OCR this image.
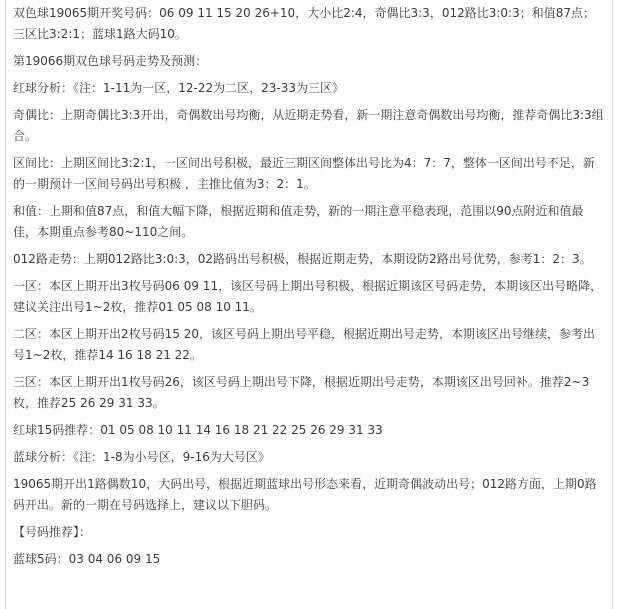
双色球19065期开奖号码：06 09 11 15 20 26+10，大小比2:4，奇偶比3:3，012路比3:0:3；和值87点；三区比3:2:1；蓝球1路大码10。

第19066期双色球号码走势及预测：

红球分析：《注：1-11为一区，12-22为二区，23-33为三区》

奇偶比：上期奇偶比3:3开出，奇偶数出号均衡，从近期走势看，新一期注意奇偶数出号均衡，推荐奇偶比3:3组合。

区间比：上期区间比3:2:1，一区间出号积极，最近三期区间整体出号比为4：7：7，整体一区间出号不足，新的一期预计一区间号码出号积极 ，主推比值为3：2：1。

和值：上期和值87点，和值大幅下降，根据近期和值走势，新的一期注意平稳表现，范围以90点附近和值最佳，本期重点参考80~110之间。

012路走势：上期012路比3:0:3，02路码出号积极，根据近期走势，本期设防2路出号优势，参考1：2：3。

一区：本区上期开出3枚号码06 09 11，该区号码上期出号积极，根据近期该区号码走势，本期该区出号略降，建议关注出号1~2枚，推荐01 05 08 10 11。

二区：本区上期开出2枚号码15 20，该区号码上期出号平稳，根据近期出号走势，本期该区出号继续，参考出号1~2枚，推荐14 16 18 21 22。

三区：本区上期开出1枚号码26，该区号码上期出号下降，根据近期出号走势，本期该区出号回补。推荐2~3枚，推荐25 26 29 31 33。

红球15码推荐：01 05 08 10 11 14 16 18 21 22 25 26 29 31 33

蓝球分析：《注：1-8为小号区，9-16为大号区》

19065期开出1路偶数10，大码出号，根据近期蓝球出号形态来看，近期奇偶波动出号；012路方面，上期0路码开出。新的一期在号码选择上，建议以下胆码。

【号码推荐】：

蓝球5码：03 04 06 09 15
